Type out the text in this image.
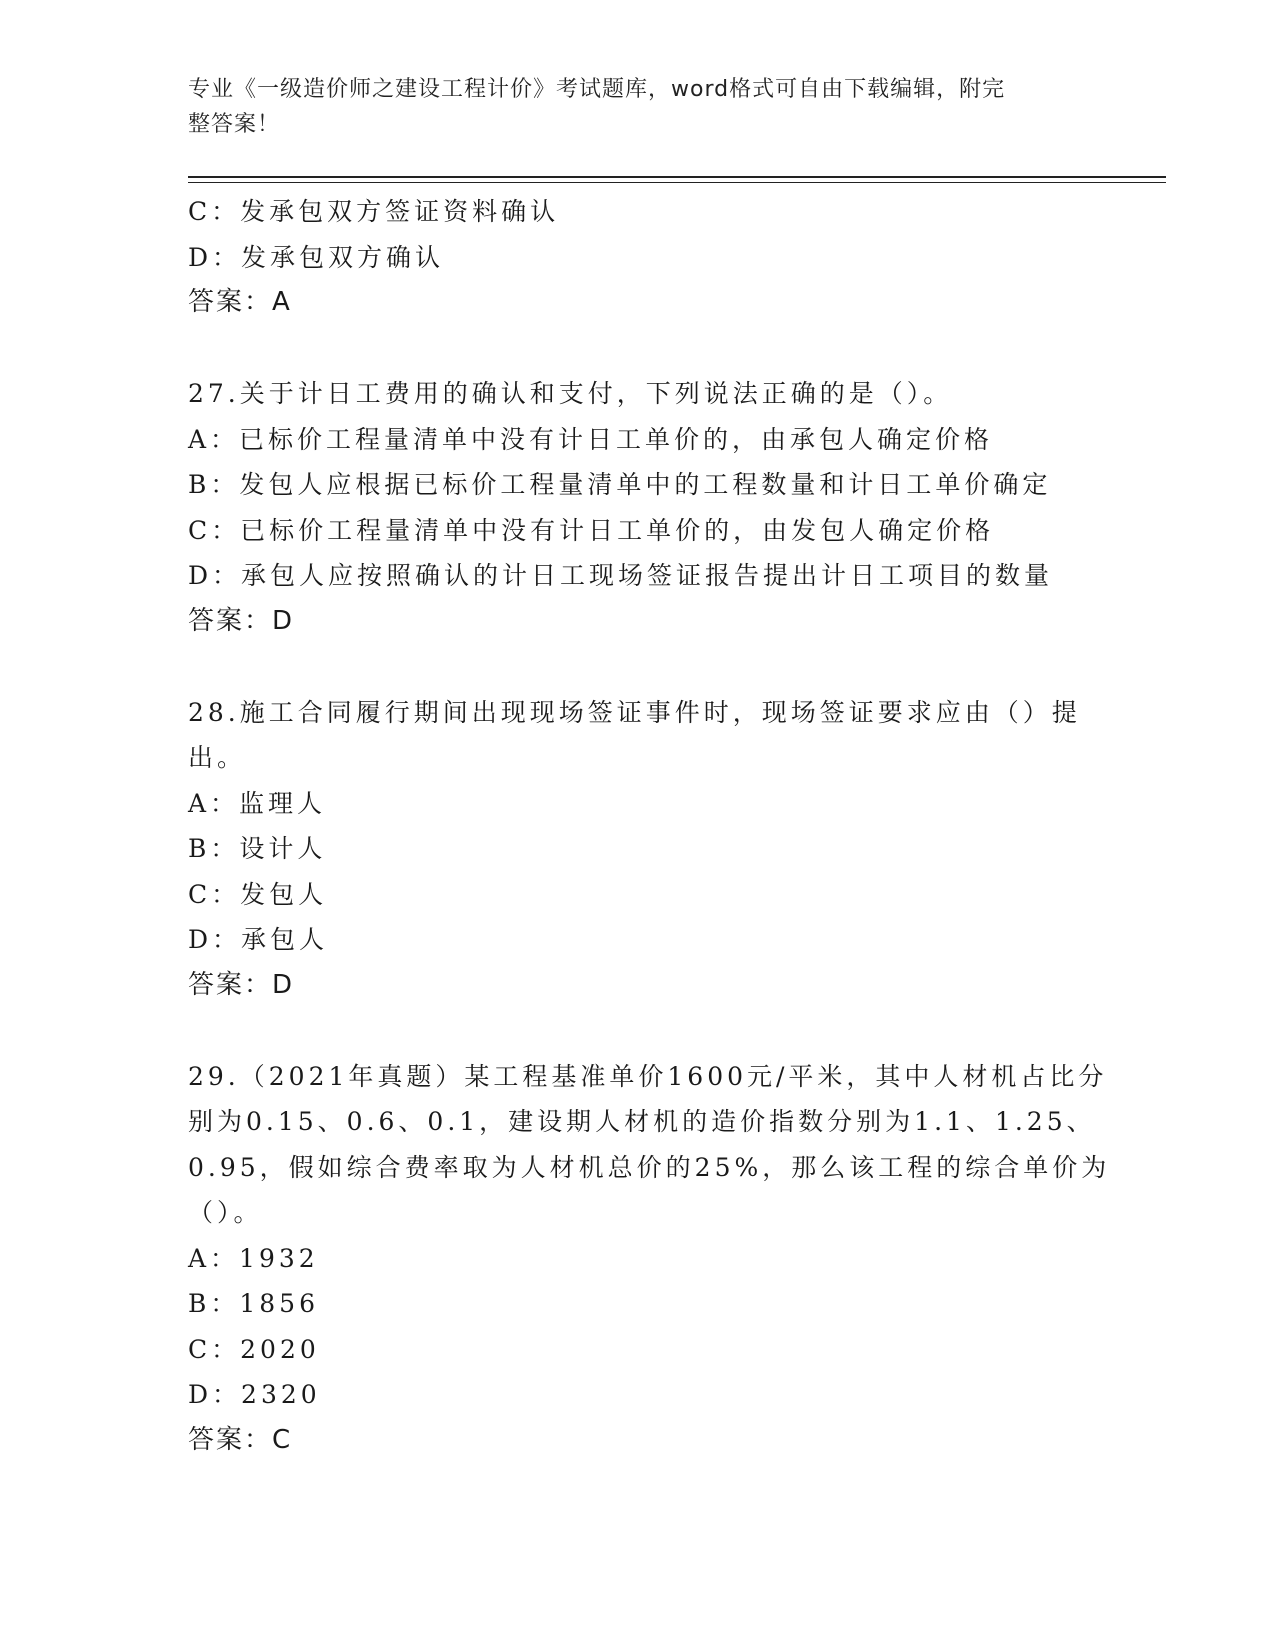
专业《一级造价师之建设工程计价》考试题库，word格式可自由下载编辑，附完
整答案！
C：发承包双方签证资料确认
D：发承包双方确认
答案：A
27.关于计日工费用的确认和支付，下列说法正确的是（）。
A：已标价工程量清单中没有计日工单价的，由承包人确定价格
B：发包人应根据已标价工程量清单中的工程数量和计日工单价确定
C：已标价工程量清单中没有计日工单价的，由发包人确定价格
D：承包人应按照确认的计日工现场签证报告提出计日工项目的数量
答案：D
28.施工合同履行期间出现现场签证事件时，现场签证要求应由（）提
出。
A：监理人
B：设计人
C：发包人
D：承包人
答案：D
29.（2021年真题）某工程基准单价1600元/平米，其中人材机占比分
别为0.15、0.6、0.1，建设期人材机的造价指数分别为1.1、1.25、
0.95，假如综合费率取为人材机总价的25%，那么该工程的综合单价为
（）。
A：1932
B：1856
C：2020
D：2320
答案：C
